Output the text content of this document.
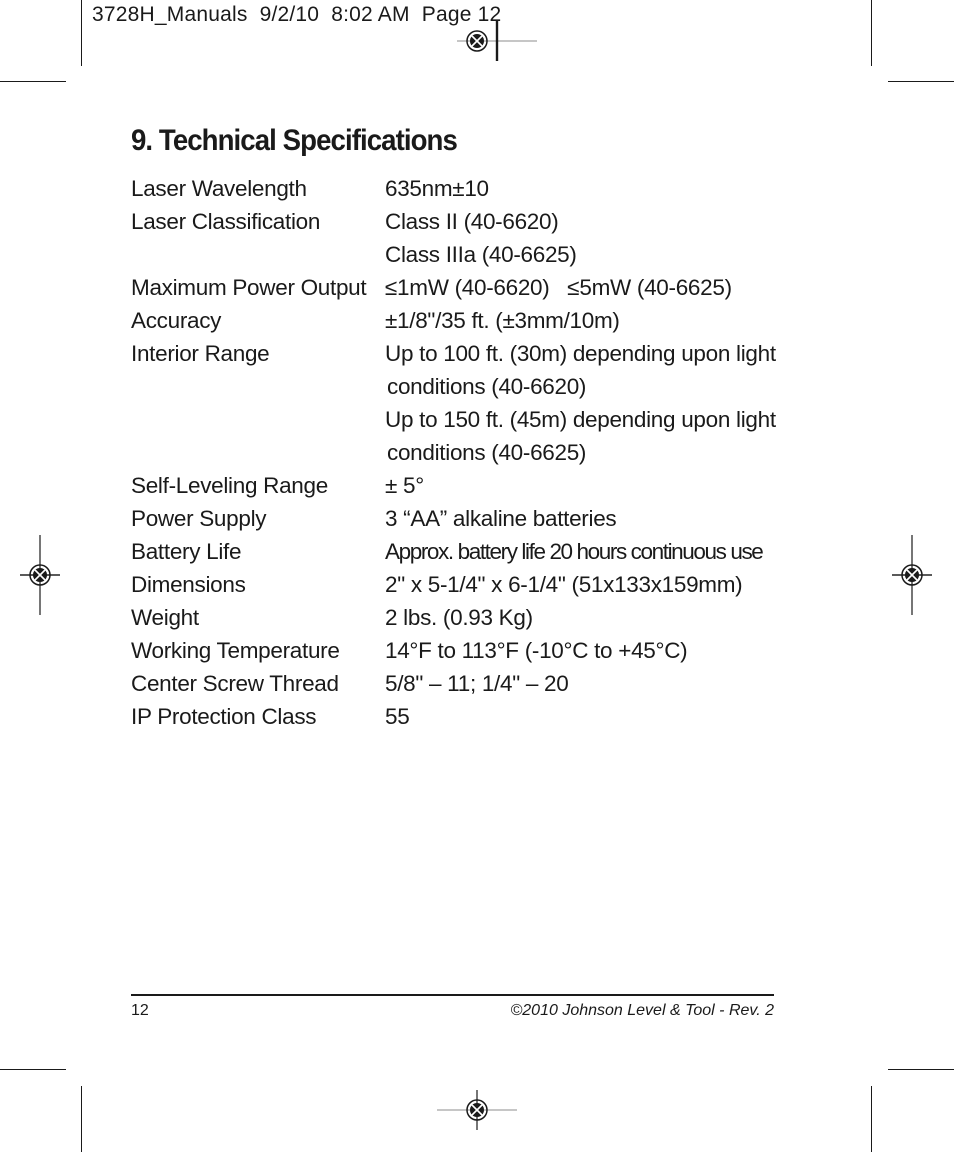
3728H_Manuals  9/2/10  8:02 AM  Page 12
9. Technical Specifications
Laser Wavelength	635nm±10
Laser Classification	Class II (40-6620)
Class IIIa (40-6625)
Maximum Power Output ≤1mW (40-6620)   ≤5mW (40-6625)
Accuracy	±1/8"/35 ft. (±3mm/10m)
Interior Range	Up to 100 ft. (30m) depending upon light
conditions (40-6620)
Up to 150 ft. (45m) depending upon light
conditions (40-6625)
Self-Leveling Range	± 5°
Power Supply	3 “AA” alkaline batteries
Battery Life	Approx. battery life 20 hours continuous use
Dimensions	2" x 5-1/4" x 6-1/4" (51x133x159mm)
Weight	2 lbs. (0.93 Kg)
Working Temperature	14°F to 113°F (-10°C to +45°C)
Center Screw Thread	5/8" – 11; 1/4" – 20
IP Protection Class	55
12	©2010 Johnson Level & Tool - Rev. 2
